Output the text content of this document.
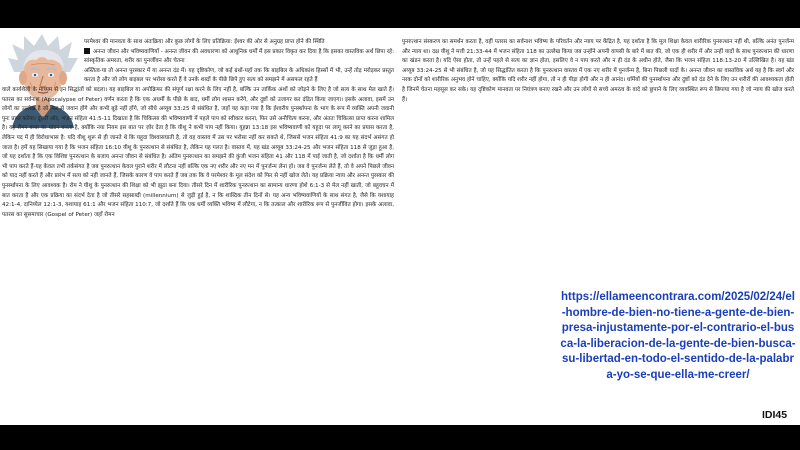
परमेश्वर की मानवता के साथ अंतःक्रिया और कुछ लोगों के लिए प्रतिक्रिया: ईश्वर की ओर से अनुग्रह प्राप्त होने की स्थिति
अनन्त जीवन और भविष्यवाणियाँ - अनन्त जीवन की अवधारणा को आधुनिक धर्मों में इस प्रकार विकृत कर दिया है कि इसका वास्तविक अर्थ छिपा रहे: सांस्कृतिक अमरता, शरीर का पुनर्जीवन और चेतना
अस्तित्व-या तो अनन्त पुरस्कार में या अनन्त दंड में। यह दृष्टिकोण, जो कई ग्रंथों-यहाँ तक कि बाइबिल के अधिकांश हिस्सों में भी, उन्हें तोड़ मरोड़कर प्रस्तुत करता है और जो लोग बाइबल पर भरोसा करते हैं वे उनके शब्दों के पीछे छिपे हुए सत्य को समझने में असफल रहते हैं
वाले कार्यशैली के माध्यम से इन सिद्धांतों को बदला। यह बाइबिल या अपोक्रिफा की संपूर्ण रक्षा करने के लिए नहीं है, बल्कि उन तार्किक अंशों को जोड़ने के लिए है जो सत्य के साथ मेल खाते हैं। पतरस का सर्वनाश (Apocalypse of Peter) वर्णन करता है कि एक अधर्मी के पीछे के बाद, धर्मी लोग शासन करेंगे, और दुष्टों को उजागर कर दंडित किया जाएगा। इसके अलावा, इसमें उन लोगों का उल्लेख है जो फिर से जवान होंगे और कभी बूढ़े नहीं होंगे, जो सीधे अय्यूब 33:25 से संबंधित है, जहाँ यह कहा गया है कि ईश्वरीय पुनर्स्थापना के भाग के रूप में व्यक्ति अपनी जवानी पुनः प्राप्त करेगा। दूसरी ओर, भजन संहिता 41:5-11 दिखाता है कि चिकित्सा की भविष्यवाणी में पहले पाप को स्वीकार करना, फिर उसे अनौचित्य करना, और अंततः चिकित्सा प्राप्त करना शामिल है। यह रोमन कथा का खंडन करता है, क्योंकि नया नियम इस बात पर ज़ोर देता है कि यीशु ने कभी पाप नहीं किया। यूहन्ना 13:18 इस भविष्यवाणी को यहूदा पर लागू करने का प्रयास करता है, लेकिन पद में ही विरोधाभास है: यदि यीशु शुरू से ही जानते थे कि यहूदा विश्वासघाती है, तो वह वास्तव में उस पर भरोसा नहीं कर सकते थे, जिससे भजन संहिता 41:9 का यह संदर्भ असंगत हो जाता है। हमें यह सिखाया गया है कि भजन संहिता 16:10 यीशु के पुनरुत्थान से संबंधित है, लेकिन यह गलत है। वास्तव में, यह खंड अय्यूब 33:24-25 और भजन संहिता 118 से जुड़ा हुआ है, जो यह दर्शाता है कि एक विशिष्ट पुनरुत्थान के बजाय अनन्त जीवन से संबंधित है। अंतिम पुनरुत्थान का समझने की कुंजी भजन संहिता 41 और 118 में पाई जाती है, जो दर्शाता है कि धर्मी लोग भी पाप करते हैं-यह केवल तभी तर्कसंगत है जब पुनरुत्थान केवल पुराने शरीर में लौटना नहीं बल्कि एक नए शरीर और नए मन में पुनर्जन्म लेना हो। जब वे पुनर्जन्म लेते हैं, तो वे अपने पिछले जीवन को याद नहीं करते हैं और प्रारंभ में सत्य को नहीं जानते हैं, जिसके कारण वे पाप करते हैं जब तक कि वे परमेश्वर के मूल संदेश को फिर से नहीं खोज लेते। यह प्रक्रिया न्याय और अनन्त पुरस्कार की पुनर्स्थापना के लिए आवश्यक है। रोम ने यीशु के पुनरुत्थान की शिक्षा को भी झूठा बना दिया। तीसरे दिन में शारीरिक पुनरुत्थान का सामान्य धारणा होशे 6:1-3 से मेल नहीं खाती, जो बहुवचन में बात करता है और एक प्रक्रिया का संदर्भ देता है जो तीसरे सहस्राब्दी (millennium) से जुड़ी हुई है, न कि शाब्दिक तीन दिनों से। यह अन्य भविष्यवाणियों के साथ संगत है, जैसे कि यशायाह 42:1-4, दानिय्येल 12:1-3, यशायाह 61:1 और भजन संहिता 110:7, जो दर्शाते हैं कि एक धर्मी व्यक्ति भविष्य में लौटेगा, न कि तत्काल और शारीरिक रूप से पुनर्जीवित होगा। इसके अलावा, पतरस का सुसमाचार (Gospel of Peter) जहाँ रोमन
पुनरुत्थान संस्करण का समर्थन करता है, वहीं पतरस का सर्वनाश भविष्य के परिवर्तन और न्याय पर केंद्रित है, यह दर्शाता है कि मूल शिक्षा केवल शारीरिक पुनरुत्थान नहीं थी, बल्कि अनंत पुनर्जन्म और न्याय था। दक्ष यीशु ने मत्ती 21:33-44 में भजन संहिता 118 का उल्लेख किया जब उन्होंने अपनी वापसी के बारे में बात की, जो एक ही शरीर में और उन्हीं यादों के साथ पुनरुत्थान की धारणा का खंडन करता है। यदि ऐसा होता, तो उन्हें पहले से सत्य का ज्ञान होता, इसलिए वे न पाप करते और न ही दंड के अधीन होते, जैसा कि भजन संहिता 118:13-20 में उल्लिखित है। यह खंड अय्यूब 33:24-25 से भी संबंधित है, जो यह सिद्धांतित करता है कि पुनरुत्थान वास्तव में एक नए शरीर में पुनर्जन्म है, बिना पिछली यादों के। अनन्त जीवन का वास्तविक अर्थ यह है कि स्वर्ग और नरक दोनों को शारीरिक अनुभव होने चाहिए, क्योंकि यदि शरीर नहीं होगा, तो न ही पीड़ा होगी और न ही आनंद। धर्मियों की पुनर्स्थापना और दुष्टों को दंड देने के लिए उन शरीरों की आवश्यकता होती है जिनमें चेतना महसूस कर सके। यह दृष्टिकोण मानवता पर नियंत्रण बनाए रखने और उन लोगों से सच्चे अमरत्व के वादे को छुपाने के लिए व्यवस्थित रूप से छिपाया गया है जो न्याय की खोज करते हैं।
https://ellameencontrara.com/2025/02/24/el-hombre-de-bien-no-tiene-a-gente-de-bien-presa-injustamente-por-el-contrario-el-busca-la-liberacion-de-la-gente-de-bien-busca-su-libertad-en-todo-el-sentido-de-la-palabra-yo-se-que-ella-me-creer/
IDI45
